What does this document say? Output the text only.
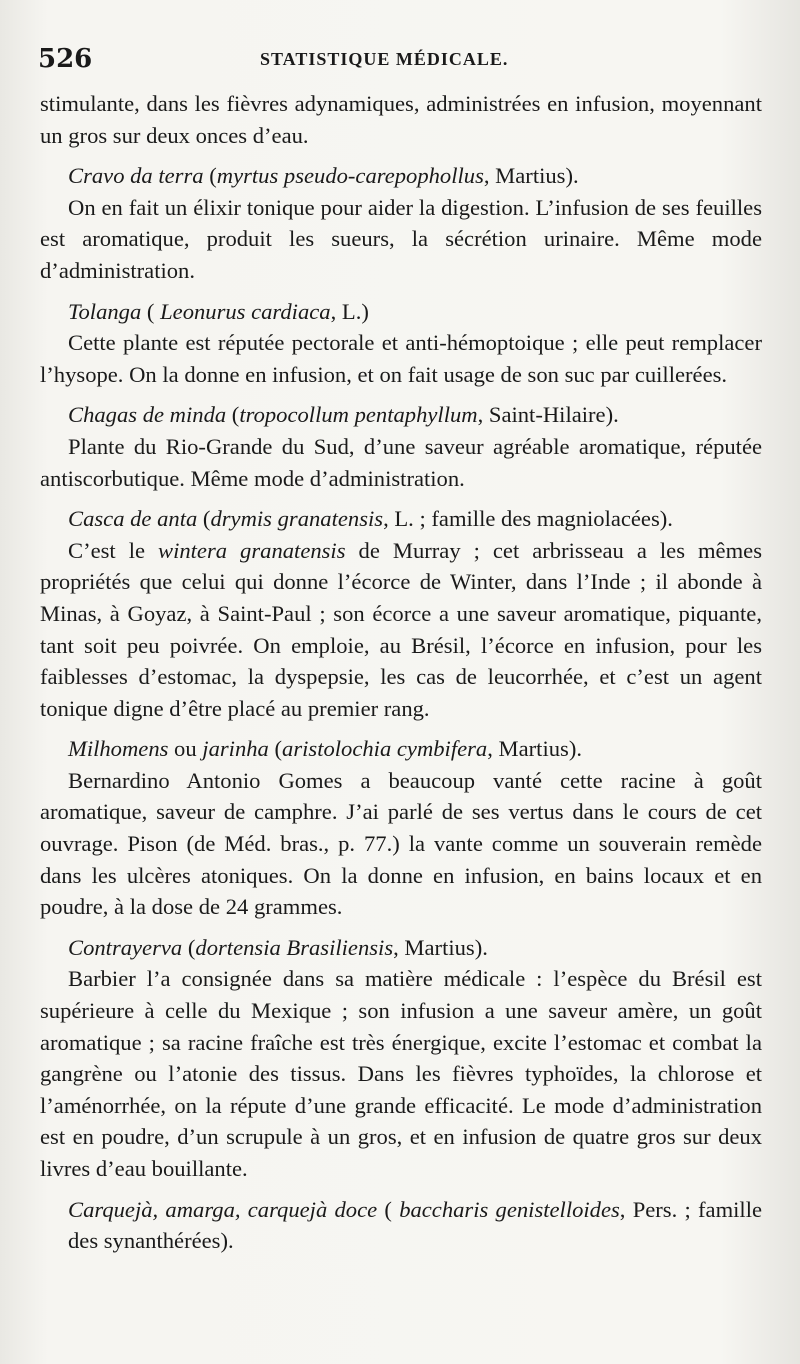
526	STATISTIQUE MÉDICALE.

stimulante, dans les fièvres adynamiques, administrées en infusion, moyennant un gros sur deux onces d’eau.

Cravo da terra (myrtus pseudo-carepophollus, Martius).

On en fait un élixir tonique pour aider la digestion. L’infusion de ses feuilles est aromatique, produit les sueurs, la sécrétion urinaire. Même mode d’administration.

Tolanga ( Leonurus cardiaca, L.)

Cette plante est réputée pectorale et anti-hémoptoique ; elle peut remplacer l’hysope. On la donne en infusion, et on fait usage de son suc par cuillerées.

Chagas de minda (tropocollum pentaphyllum, Saint-Hilaire).

Plante du Rio-Grande du Sud, d’une saveur agréable aromatique, réputée antiscorbutique. Même mode d’administration.

Casca de anta (drymis granatensis, L. ; famille des magniolacées).

C’est le wintera granatensis de Murray ; cet arbrisseau a les mêmes propriétés que celui qui donne l’écorce de Winter, dans l’Inde ; il abonde à Minas, à Goyaz, à Saint-Paul ; son écorce a une saveur aromatique, piquante, tant soit peu poivrée. On emploie, au Brésil, l’écorce en infusion, pour les faiblesses d’estomac, la dyspepsie, les cas de leucorrhée, et c’est un agent tonique digne d’être placé au premier rang.

Milhomens ou jarinha (aristolochia cymbifera, Martius).

Bernardino Antonio Gomes a beaucoup vanté cette racine à goût aromatique, saveur de camphre. J’ai parlé de ses vertus dans le cours de cet ouvrage. Pison (de Méd. bras., p. 77.) la vante comme un souverain remède dans les ulcères atoniques. On la donne en infusion, en bains locaux et en poudre, à la dose de 24 grammes.

Contrayerva (dortensia Brasiliensis, Martius).

Barbier l’a consignée dans sa matière médicale : l’espèce du Brésil est supérieure à celle du Mexique ; son infusion a une saveur amère, un goût aromatique ; sa racine fraîche est très énergique, excite l’estomac et combat la gangrène ou l’atonie des tissus. Dans les fièvres typhoïdes, la chlorose et l’aménorrhée, on la répute d’une grande efficacité. Le mode d’administration est en poudre, d’un scrupule à un gros, et en infusion de quatre gros sur deux livres d’eau bouillante.

Carquejà, amarga, carquejà doce ( baccharis genistelloides, Pers. ; famille des synanthérées).
